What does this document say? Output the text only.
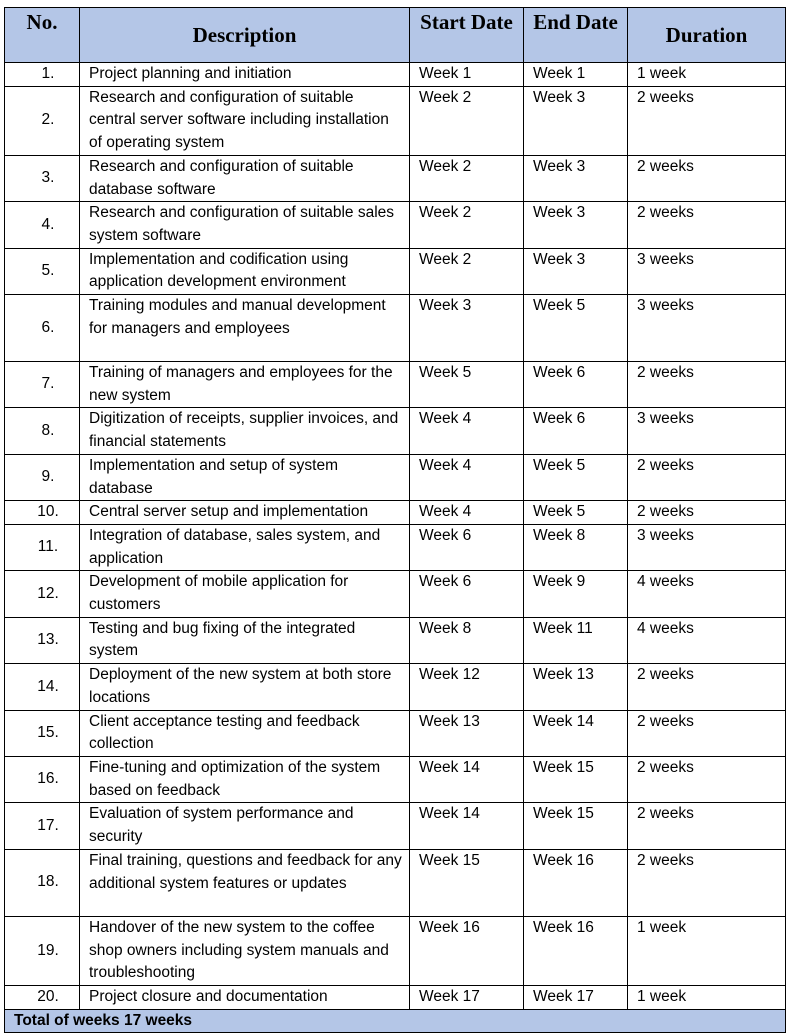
No.	Description	Start Date	End Date	Duration
1.	Project planning and initiation	Week 1	Week 1	1 week
2.	Research and configuration of suitable central server software including installation of operating system	Week 2	Week 3	2 weeks
3.	Research and configuration of suitable database software	Week 2	Week 3	2 weeks
4.	Research and configuration of suitable sales system software	Week 2	Week 3	2 weeks
5.	Implementation and codification using application development environment	Week 2	Week 3	3 weeks
6.	Training modules and manual development for managers and employees	Week 3	Week 5	3 weeks
7.	Training of managers and employees for the new system	Week 5	Week 6	2 weeks
8.	Digitization of receipts, supplier invoices, and financial statements	Week 4	Week 6	3 weeks
9.	Implementation and setup of system database	Week 4	Week 5	2 weeks
10.	Central server setup and implementation	Week 4	Week 5	2 weeks
11.	Integration of database, sales system, and application	Week 6	Week 8	3 weeks
12.	Development of mobile application for customers	Week 6	Week 9	4 weeks
13.	Testing and bug fixing of the integrated system	Week 8	Week 11	4 weeks
14.	Deployment of the new system at both store locations	Week 12	Week 13	2 weeks
15.	Client acceptance testing and feedback collection	Week 13	Week 14	2 weeks
16.	Fine-tuning and optimization of the system based on feedback	Week 14	Week 15	2 weeks
17.	Evaluation of system performance and security	Week 14	Week 15	2 weeks
18.	Final training, questions and feedback for any additional system features or updates	Week 15	Week 16	2 weeks
19.	Handover of the new system to the coffee shop owners including system manuals and troubleshooting	Week 16	Week 16	1 week
20.	Project closure and documentation	Week 17	Week 17	1 week
Total of weeks 17 weeks				
